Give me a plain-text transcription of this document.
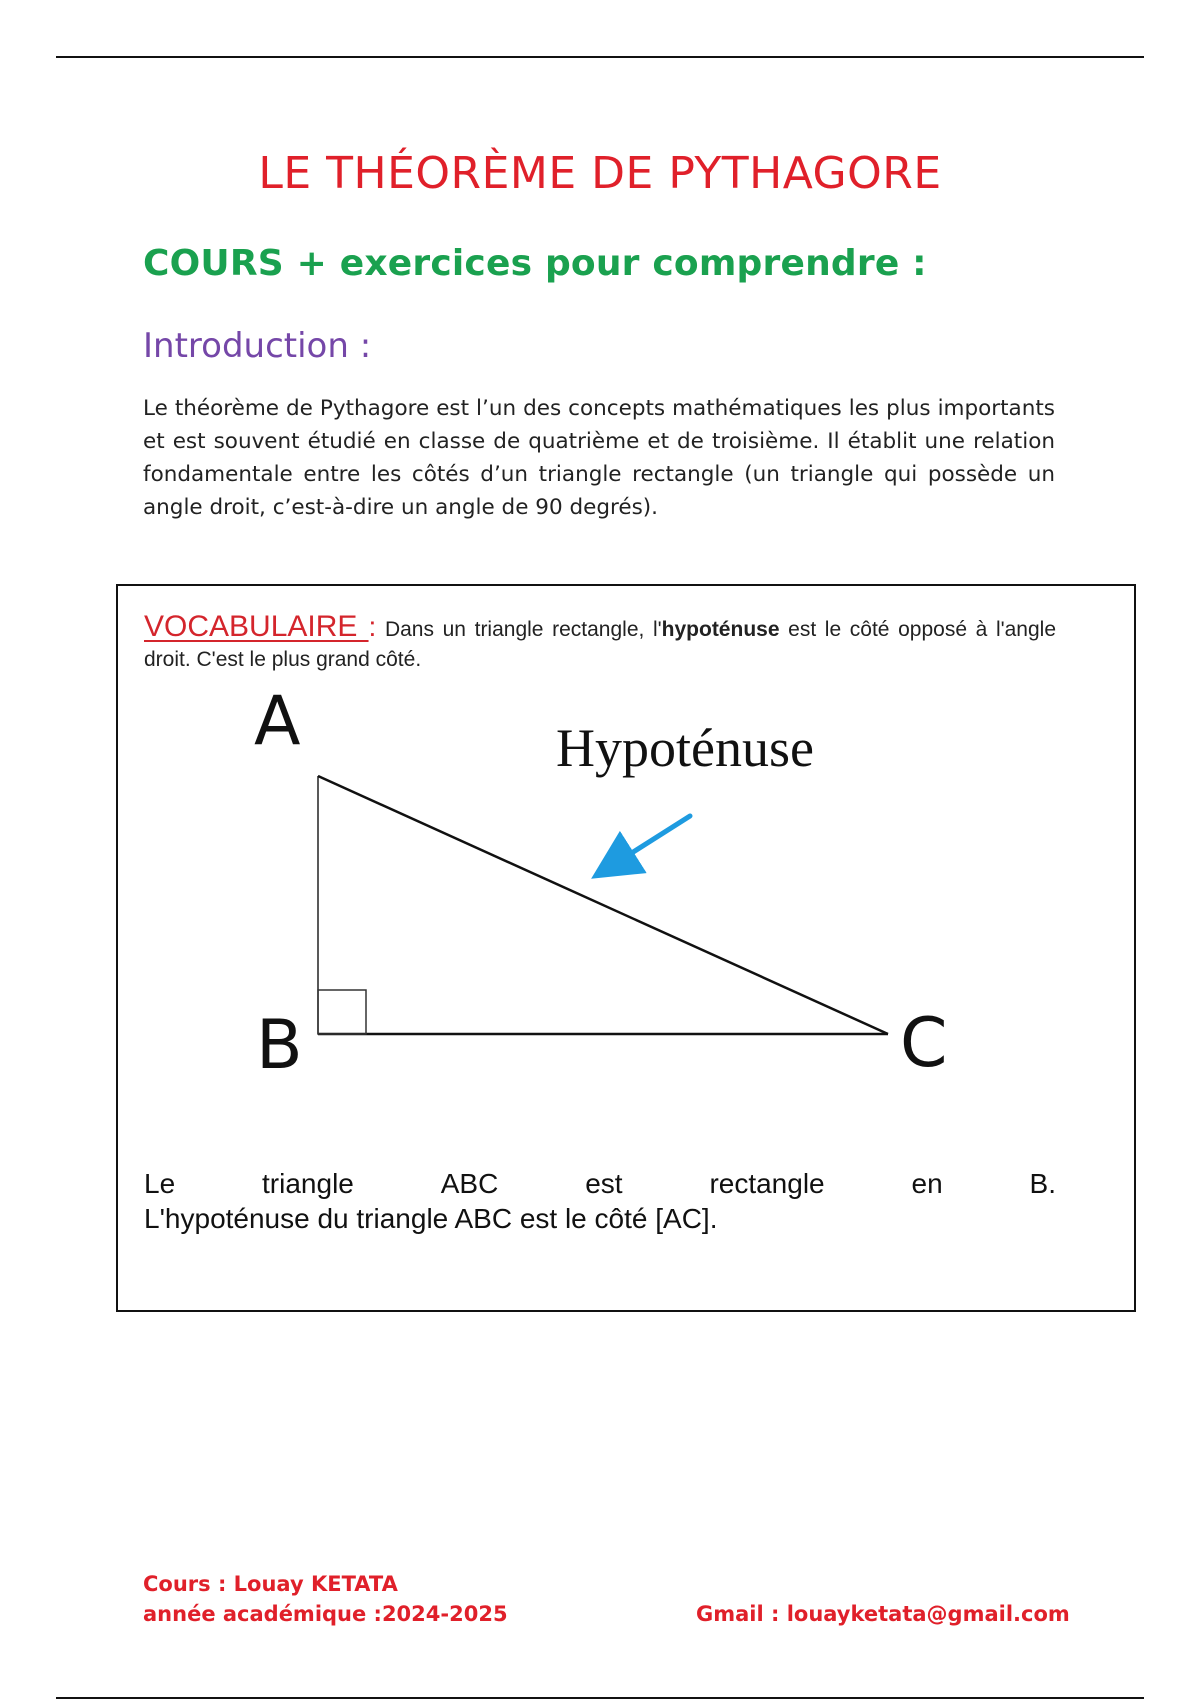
LE THÉORÈME DE PYTHAGORE
COURS + exercices pour comprendre :
Introduction :
Le théorème de Pythagore est l’un des concepts mathématiques les plus importants et est souvent étudié en classe de quatrième et de troisième. Il établit une relation fondamentale entre les côtés d’un triangle rectangle (un triangle qui possède un angle droit, c’est-à-dire un angle de 90 degrés).
VOCABULAIRE : Dans un triangle rectangle, l'hypoténuse est le côté opposé à l'angle droit. C'est le plus grand côté.
A
B	C
Hypoténuse
Le	triangle	ABC	est	rectangle	en	B.
L'hypoténuse du triangle ABC est le côté [AC].
Cours : Louay KETATA
année académique :2024-2025	Gmail : louayketata@gmail.com
